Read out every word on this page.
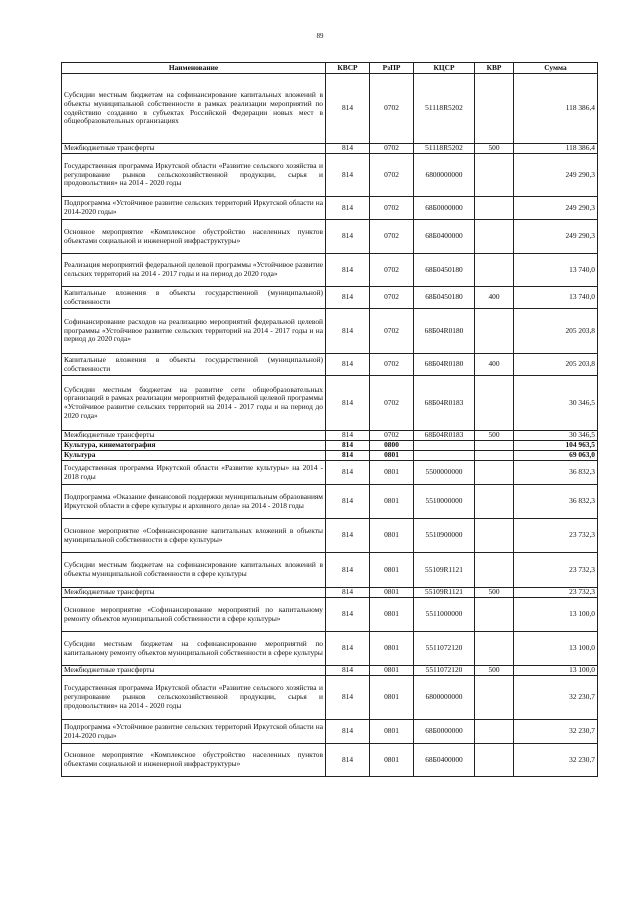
89
Наименование	КВСР	РзПР	КЦСР	КВР	Сумма
Субсидии местным бюджетам на софинансирование капитальных вложений в объекты муниципальной собственности в рамках реализации мероприятий по содействию созданию в субъектах Российской Федерации новых мест в общеобразовательных организациях	814	0702	51118R5202		118 386,4
Межбюджетные трансферты	814	0702	51118R5202	500	118 386,4
Государственная программа Иркутской области «Развитие сельского хозяйства и регулирование рынков сельскохозяйственной продукции, сырья и продовольствия» на 2014 - 2020 годы	814	0702	6800000000		249 290,3
Подпрограмма «Устойчивое развитие сельских территорий Иркутской области на 2014-2020 годы»	814	0702	68Б0000000		249 290,3
Основное мероприятие «Комплексное обустройство населенных пунктов объектами социальной и инженерной инфраструктуры»	814	0702	68Б0400000		249 290,3
Реализация мероприятий федеральной целевой программы «Устойчивое развитие сельских территорий на 2014 - 2017 годы и на период до 2020 года»	814	0702	68Б0450180		13 740,0
Капитальные вложения в объекты государственной (муниципальной) собственности	814	0702	68Б0450180	400	13 740,0
Софинансирование расходов на реализацию мероприятий федеральной целевой программы «Устойчивое развитие сельских территорий на 2014 - 2017 годы и на период до 2020 года»	814	0702	68Б04R0180		205 203,8
Капитальные вложения в объекты государственной (муниципальной) собственности	814	0702	68Б04R0180	400	205 203,8
Субсидии местным бюджетам на развитие сети общеобразовательных организаций в рамках реализации мероприятий федеральной целевой программы «Устойчивое развитие сельских территорий на 2014 - 2017 годы и на период до 2020 года»	814	0702	68Б04R0183		30 346,5
Межбюджетные трансферты	814	0702	68Б04R0183	500	30 346,5
Культура, кинематография	814	0800			104 963,5
Культура	814	0801			69 063,0
Государственная программа Иркутской области «Развитие культуры» на 2014 - 2018 годы	814	0801	5500000000		36 832,3
Подпрограмма «Оказание финансовой поддержки муниципальным образованиям Иркутской области в сфере культуры и архивного дела» на 2014 - 2018 годы	814	0801	5510000000		36 832,3
Основное мероприятие «Софинансирование капитальных вложений в объекты муниципальной собственности в сфере культуры»	814	0801	5510900000		23 732,3
Субсидии местным бюджетам на софинансирование капитальных вложений в объекты муниципальной собственности в сфере культуры	814	0801	55109R1121		23 732,3
Межбюджетные трансферты	814	0801	55109R1121	500	23 732,3
Основное мероприятие «Софинансирование мероприятий по капитальному ремонту объектов муниципальной собственности в сфере культуры»	814	0801	5511000000		13 100,0
Субсидии местным бюджетам на софинансирование мероприятий по капитальному ремонту объектов муниципальной собственности в сфере культуры	814	0801	5511072120		13 100,0
Межбюджетные трансферты	814	0801	5511072120	500	13 100,0
Государственная программа Иркутской области «Развитие сельского хозяйства и регулирование рынков сельскохозяйственной продукции, сырья и продовольствия» на 2014 - 2020 годы	814	0801	6800000000		32 230,7
Подпрограмма «Устойчивое развитие сельских территорий Иркутской области на 2014-2020 годы»	814	0801	68Б0000000		32 230,7
Основное мероприятие «Комплексное обустройство населенных пунктов объектами социальной и инженерной инфраструктуры»	814	0801	68Б0400000		32 230,7
